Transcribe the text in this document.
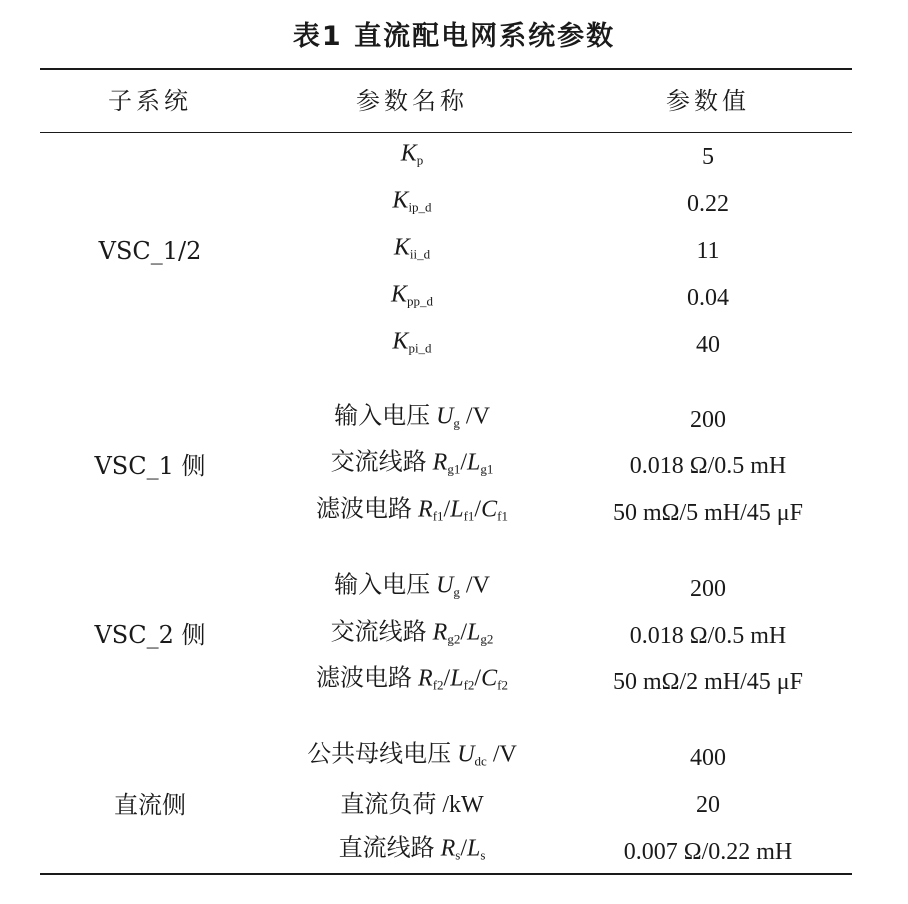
表1 直流配电网系统参数
子系统	参数名称	参数值
VSC_1/2
$K_p$	5
$K_{ip\_d}$	0.22
$K_{ii\_d}$	11
$K_{pp\_d}$	0.04
$K_{pi\_d}$	40
VSC_1 侧
输入电压 $U_g$ /V	200
交流线路 $R_{g1}/L_{g1}$	0.018 Ω/0.5 mH
滤波电路 $R_{f1}/L_{f1}/C_{f1}$	50 mΩ/5 mH/45 μF
VSC_2 侧
输入电压 $U_g$ /V	200
交流线路 $R_{g2}/L_{g2}$	0.018 Ω/0.5 mH
滤波电路 $R_{f2}/L_{f2}/C_{f2}$	50 mΩ/2 mH/45 μF
直流侧
公共母线电压 $U_{dc}$ /V	400
直流负荷 /kW	20
直流线路 $R_s/L_s$	0.007 Ω/0.22 mH
